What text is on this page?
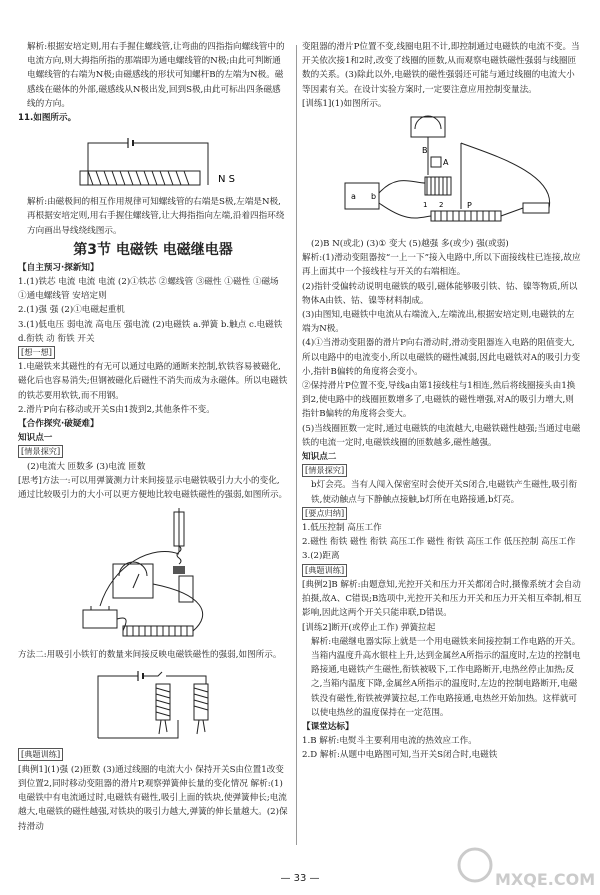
解析:根据安培定则,用右手握住螺线管,让弯曲的四指指向螺线管中的电流方向,则大拇指所指的那端即为通电螺线管的N极;由此可判断通电螺线管的右端为N极;由磁感线的形状可知螺杆B的左端为N极。磁感线在磁体的外部,磁感线从N极出发,回到S极,由此可标出四条磁感线的方向。

11.如图所示。

N S

解析:由磁极间的相互作用规律可知螺线管的右端是S极,左端是N极,再根据安培定则,用右手握住螺线管,让大拇指指向左端,沿着四指环绕方向画出导线绕线图示。

第3节 电磁铁 电磁继电器

【自主预习·探新知】

1.(1)铁芯 电流 电流 电流 (2)①铁芯 ②螺线管 ③磁性 ①磁性 ①磁场 ①通电螺线管 安培定则

2.(1)强 强 (2)①电磁起重机

3.(1)低电压 弱电流 高电压 强电流 (2)电磁铁 a.弹簧 b.触点 c.电磁铁 d.衔铁 动 衔铁 开关

[想一想]

1.电磁铁来其磁性的有无可以通过电路的通断来控制,软铁容易被磁化,磁化后也容易消失;但钢被磁化后磁性不消失而成为永磁体。所以电磁铁的铁芯要用软铁,而不用钢。

2.滑片P向右移动或开关S由1拨到2,其他条件不变。

【合作探究·破疑难】

知识点一

[情景探究]

(2)电流大 匝数多 (3)电流 匝数

[思考]方法一:可以用弹簧测力计来间接显示电磁铁吸引力大小的变化,通过比较吸引力的大小可以更方便地比较电磁铁磁性的强弱,如图所示。

方法二:用吸引小铁钉的数量来间接反映电磁铁磁性的强弱,如图所示。

[典题训练]

[典例1](1)强 (2)匝数 (3)通过线圈的电流大小 保持开关S由位置1改变到位置2,同时移动变阻器的滑片P,观察弹簧伸长量的变化情况 解析:(1)电磁铁中有电流通过时,电磁铁有磁性,吸引上面的铁块,使弹簧伸长;电流越大,电磁铁的磁性越强,对铁块的吸引力越大,弹簧的伸长量越大。(2)保持滑动

变阻器的滑片P位置不变,线圈电阻不计,即控制通过电磁铁的电流不变。当开关依次接1和2时,改变了线圈的匝数,从而观察电磁铁磁性强弱与线圈匝数的关系。(3)除此以外,电磁铁的磁性强弱还可能与通过线圈的电流大小等因素有关。在设计实验方案时,一定要注意应用控制变量法。

[训练1](1)如图所示。

B
A
1 2
a b
P

(2)B N(或北) (3)① 变大 (5)越强 多(或少) 强(或弱)

解析:(1)滑动变阻器按“一上一下”接入电路中,所以下面接线柱已连接,故应再上面其中一个接线柱与开关的右端相连。

(2)指针受偏转动说明电磁铁的吸引,磁体能够吸引铁、钴、镍等物质,所以物体A由铁、钴、镍等材料制成。

(3)由图知,电磁铁中电流从右端流入,左端流出,根据安培定则,电磁铁的左端为N极。

(4)①当滑动变阻器的滑片P向右滑动时,滑动变阻器连入电路的阻值变大,所以电路中的电流变小,所以电磁铁的磁性减弱,因此电磁铁对A的吸引力变小,指针B偏转的角度将会变小。

②保持滑片P位置不变,导线a由第1接线柱与1相连,然后将线圈接头由1换到2,使电路中的线圈匝数增多了,电磁铁的磁性增强,对A的吸引力增大,则指针B偏转的角度将会变大。

(5)当线圈匝数一定时,通过电磁铁的电流越大,电磁铁磁性越强;当通过电磁铁的电流一定时,电磁铁线圈的匝数越多,磁性越强。

知识点二

[情景探究]

b灯会亮。当有人闯入保密室时会使开关S闭合,电磁铁产生磁性,吸引衔铁,使动触点与下静触点接触,b灯所在电路接通,b灯亮。

[要点归纳]

1.低压控制 高压工作

2.磁性 衔铁 磁性 衔铁 高压工作 磁性 衔铁 高压工作 低压控制 高压工作

3.(2)距离

[典题训练]

[典例2]B 解析:由题意知,光控开关和压力开关都闭合时,摄像系统才会自动拍摄,故A、C错误;B选项中,光控开关和压力开关和压力开关相互牵制,相互影响,因此这两个开关只能串联,D错误。

[训练2]断开(或停止工作) 弹簧拉起

解析:电磁继电器实际上就是一个用电磁铁来间接控制工作电路的开关。当箱内温度升高水银柱上升,达到金属丝A所指示的温度时,左边的控制电路接通,电磁铁产生磁性,衔铁被吸下,工作电路断开,电热丝停止加热;反之,当箱内温度下降,金属丝A所指示的温度时,左边的控制电路断开,电磁铁没有磁性,衔铁被弹簧拉起,工作电路接通,电热丝开始加热。这样就可以使电热丝的温度保持在一定范围。

【课堂达标】

1.B 解析:电熨斗主要利用电流的热效应工作。

2.D 解析:从题中电路图可知,当开关S闭合时,电磁铁

— 33 —	MXQE.COM
